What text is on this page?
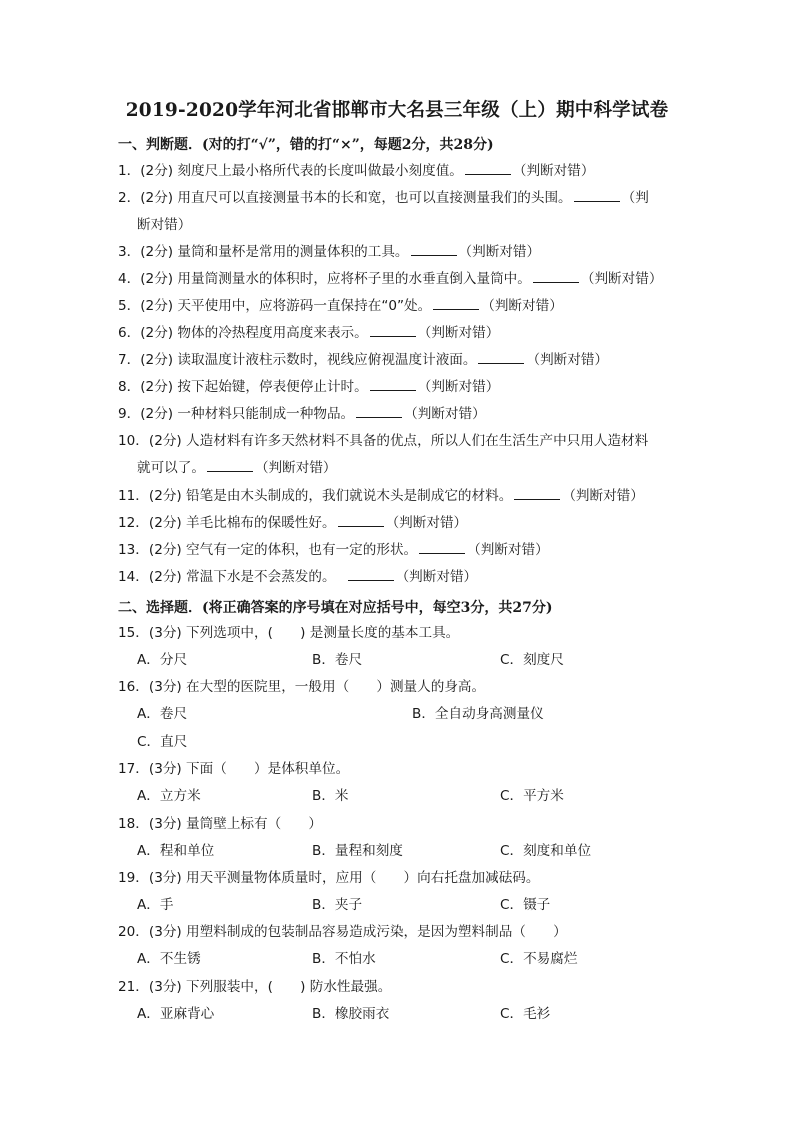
2019-2020学年河北省邯郸市大名县三年级（上）期中科学试卷
一、判断题．(对的打“√”，错的打“×”，每题2分，共28分)
1．(2分) 刻度尺上最小格所代表的长度叫做最小刻度值。	（判断对错）
2．(2分) 用直尺可以直接测量书本的长和宽，也可以直接测量我们的头围。	（判
断对错）
3．(2分) 量筒和量杯是常用的测量体积的工具。	（判断对错）
4．(2分) 用量筒测量水的体积时，应将杯子里的水垂直倒入量筒中。	（判断对错）
5．(2分) 天平使用中，应将游码一直保持在“0”处。	（判断对错）
6．(2分) 物体的冷热程度用高度来表示。	（判断对错）
7．(2分) 读取温度计液柱示数时，视线应俯视温度计液面。	（判断对错）
8．(2分) 按下起始键，停表便停止计时。	（判断对错）
9．(2分) 一种材料只能制成一种物品。	（判断对错）
10．(2分) 人造材料有许多天然材料不具备的优点，所以人们在生活生产中只用人造材料
就可以了。	（判断对错）
11．(2分) 铅笔是由木头制成的，我们就说木头是制成它的材料。	（判断对错）
12．(2分) 羊毛比棉布的保暖性好。	（判断对错）
13．(2分) 空气有一定的体积，也有一定的形状。	（判断对错）
14．(2分) 常温下水是不会蒸发的。	（判断对错）
二、选择题．(将正确答案的序号填在对应括号中，每空3分，共27分)
15．(3分) 下列选项中，(　　) 是测量长度的基本工具。
A．分尺	B．卷尺	C．刻度尺
16．(3分) 在大型的医院里，一般用（　　）测量人的身高。
A．卷尺	B．全自动身高测量仪
C．直尺
17．(3分) 下面（　　）是体积单位。
A．立方米	B．米	C．平方米
18．(3分) 量筒壁上标有（　　）
A．程和单位	B．量程和刻度	C．刻度和单位
19．(3分) 用天平测量物体质量时，应用（　　）向右托盘加减砝码。
A．手	B．夹子	C．镊子
20．(3分) 用塑料制成的包装制品容易造成污染，是因为塑料制品（　　）
A．不生锈	B．不怕水	C．不易腐烂
21．(3分) 下列服装中，(　　) 防水性最强。
A．亚麻背心	B．橡胶雨衣	C．毛衫
